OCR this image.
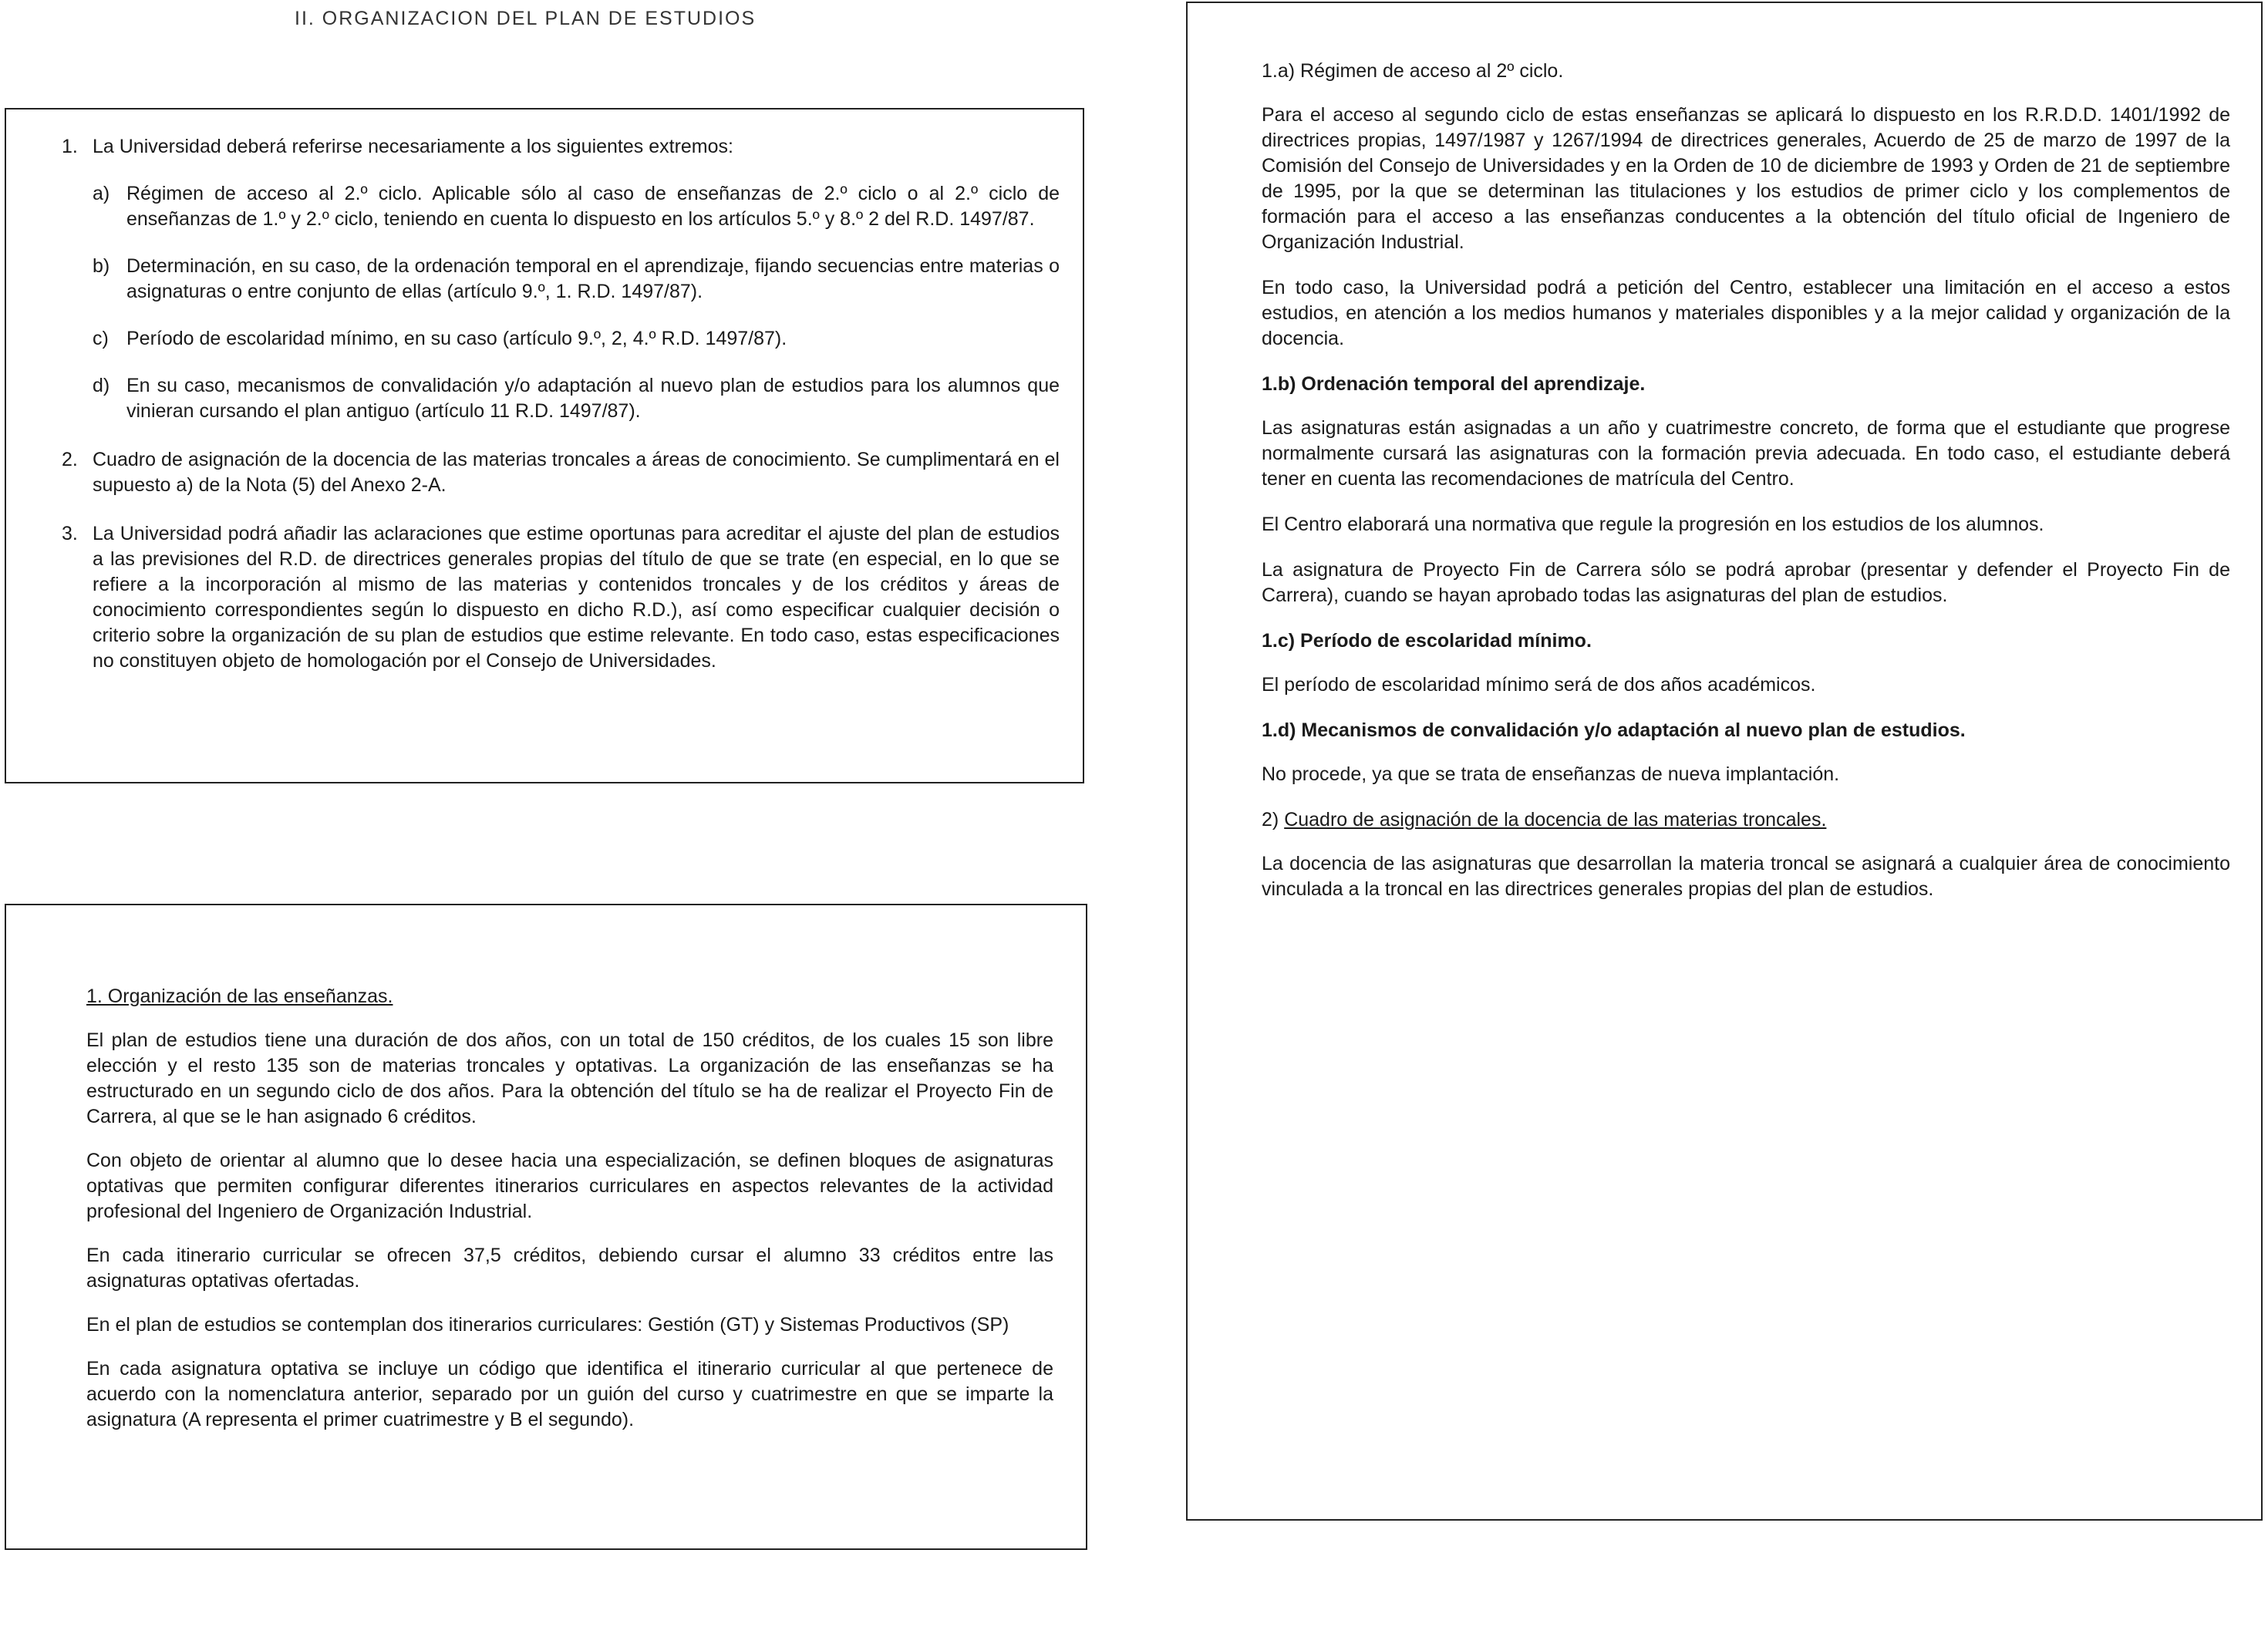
II. ORGANIZACION DEL PLAN DE ESTUDIOS
1. La Universidad deberá referirse necesariamente a los siguientes extremos:

a) Régimen de acceso al 2.º ciclo. Aplicable sólo al caso de enseñanzas de 2.º ciclo o al 2.º ciclo de enseñanzas de 1.º y 2.º ciclo, teniendo en cuenta lo dispuesto en los artículos 5.º y 8.º 2 del R.D. 1497/87.

b) Determinación, en su caso, de la ordenación temporal en el aprendizaje, fijando secuencias entre materias o asignaturas o entre conjunto de ellas (artículo 9.º, 1. R.D. 1497/87).

c) Período de escolaridad mínimo, en su caso (artículo 9.º, 2, 4.º R.D. 1497/87).

d) En su caso, mecanismos de convalidación y/o adaptación al nuevo plan de estudios para los alumnos que vinieran cursando el plan antiguo (artículo 11 R.D. 1497/87).

2. Cuadro de asignación de la docencia de las materias troncales a áreas de conocimiento. Se cumplimentará en el supuesto a) de la Nota (5) del Anexo 2-A.

3. La Universidad podrá añadir las aclaraciones que estime oportunas para acreditar el ajuste del plan de estudios a las previsiones del R.D. de directrices generales propias del título de que se trate (en especial, en lo que se refiere a la incorporación al mismo de las materias y contenidos troncales y de los créditos y áreas de conocimiento correspondientes según lo dispuesto en dicho R.D.), así como especificar cualquier decisión o criterio sobre la organización de su plan de estudios que estime relevante. En todo caso, estas especificaciones no constituyen objeto de homologación por el Consejo de Universidades.

1. Organización de las enseñanzas.

El plan de estudios tiene una duración de dos años, con un total de 150 créditos, de los cuales 15 son libre elección y el resto 135 son de materias troncales y optativas. La organización de las enseñanzas se ha estructurado en un segundo ciclo de dos años. Para la obtención del título se ha de realizar el Proyecto Fin de Carrera, al que se le han asignado 6 créditos.

Con objeto de orientar al alumno que lo desee hacia una especialización, se definen bloques de asignaturas optativas que permiten configurar diferentes itinerarios curriculares en aspectos relevantes de la actividad profesional del Ingeniero de Organización Industrial.

En cada itinerario curricular se ofrecen 37,5 créditos, debiendo cursar el alumno 33 créditos entre las asignaturas optativas ofertadas.

En el plan de estudios se contemplan dos itinerarios curriculares: Gestión (GT) y Sistemas Productivos (SP)

En cada asignatura optativa se incluye un código que identifica el itinerario curricular al que pertenece de acuerdo con la nomenclatura anterior, separado por un guión del curso y cuatrimestre en que se imparte la asignatura (A representa el primer cuatrimestre y B el segundo).

1.a) Régimen de acceso al 2º ciclo.

Para el acceso al segundo ciclo de estas enseñanzas se aplicará lo dispuesto en los R.R.D.D. 1401/1992 de directrices propias, 1497/1987 y 1267/1994 de directrices generales, Acuerdo de 25 de marzo de 1997 de la Comisión del Consejo de Universidades y en la Orden de 10 de diciembre de 1993 y Orden de 21 de septiembre de 1995, por la que se determinan las titulaciones y los estudios de primer ciclo y los complementos de formación para el acceso a las enseñanzas conducentes a la obtención del título oficial de Ingeniero de Organización Industrial.

En todo caso, la Universidad podrá a petición del Centro, establecer una limitación en el acceso a estos estudios, en atención a los medios humanos y materiales disponibles y a la mejor calidad y organización de la docencia.

1.b) Ordenación temporal del aprendizaje.

Las asignaturas están asignadas a un año y cuatrimestre concreto, de forma que el estudiante que progrese normalmente cursará las asignaturas con la formación previa adecuada. En todo caso, el estudiante deberá tener en cuenta las recomendaciones de matrícula del Centro.

El Centro elaborará una normativa que regule la progresión en los estudios de los alumnos.

La asignatura de Proyecto Fin de Carrera sólo se podrá aprobar (presentar y defender el Proyecto Fin de Carrera), cuando se hayan aprobado todas las asignaturas del plan de estudios.

1.c) Período de escolaridad mínimo.

El período de escolaridad mínimo será de dos años académicos.

1.d) Mecanismos de convalidación y/o adaptación al nuevo plan de estudios.

No procede, ya que se trata de enseñanzas de nueva implantación.

2) Cuadro de asignación de la docencia de las materias troncales.

La docencia de las asignaturas que desarrollan la materia troncal se asignará a cualquier área de conocimiento vinculada a la troncal en las directrices generales propias del plan de estudios.
